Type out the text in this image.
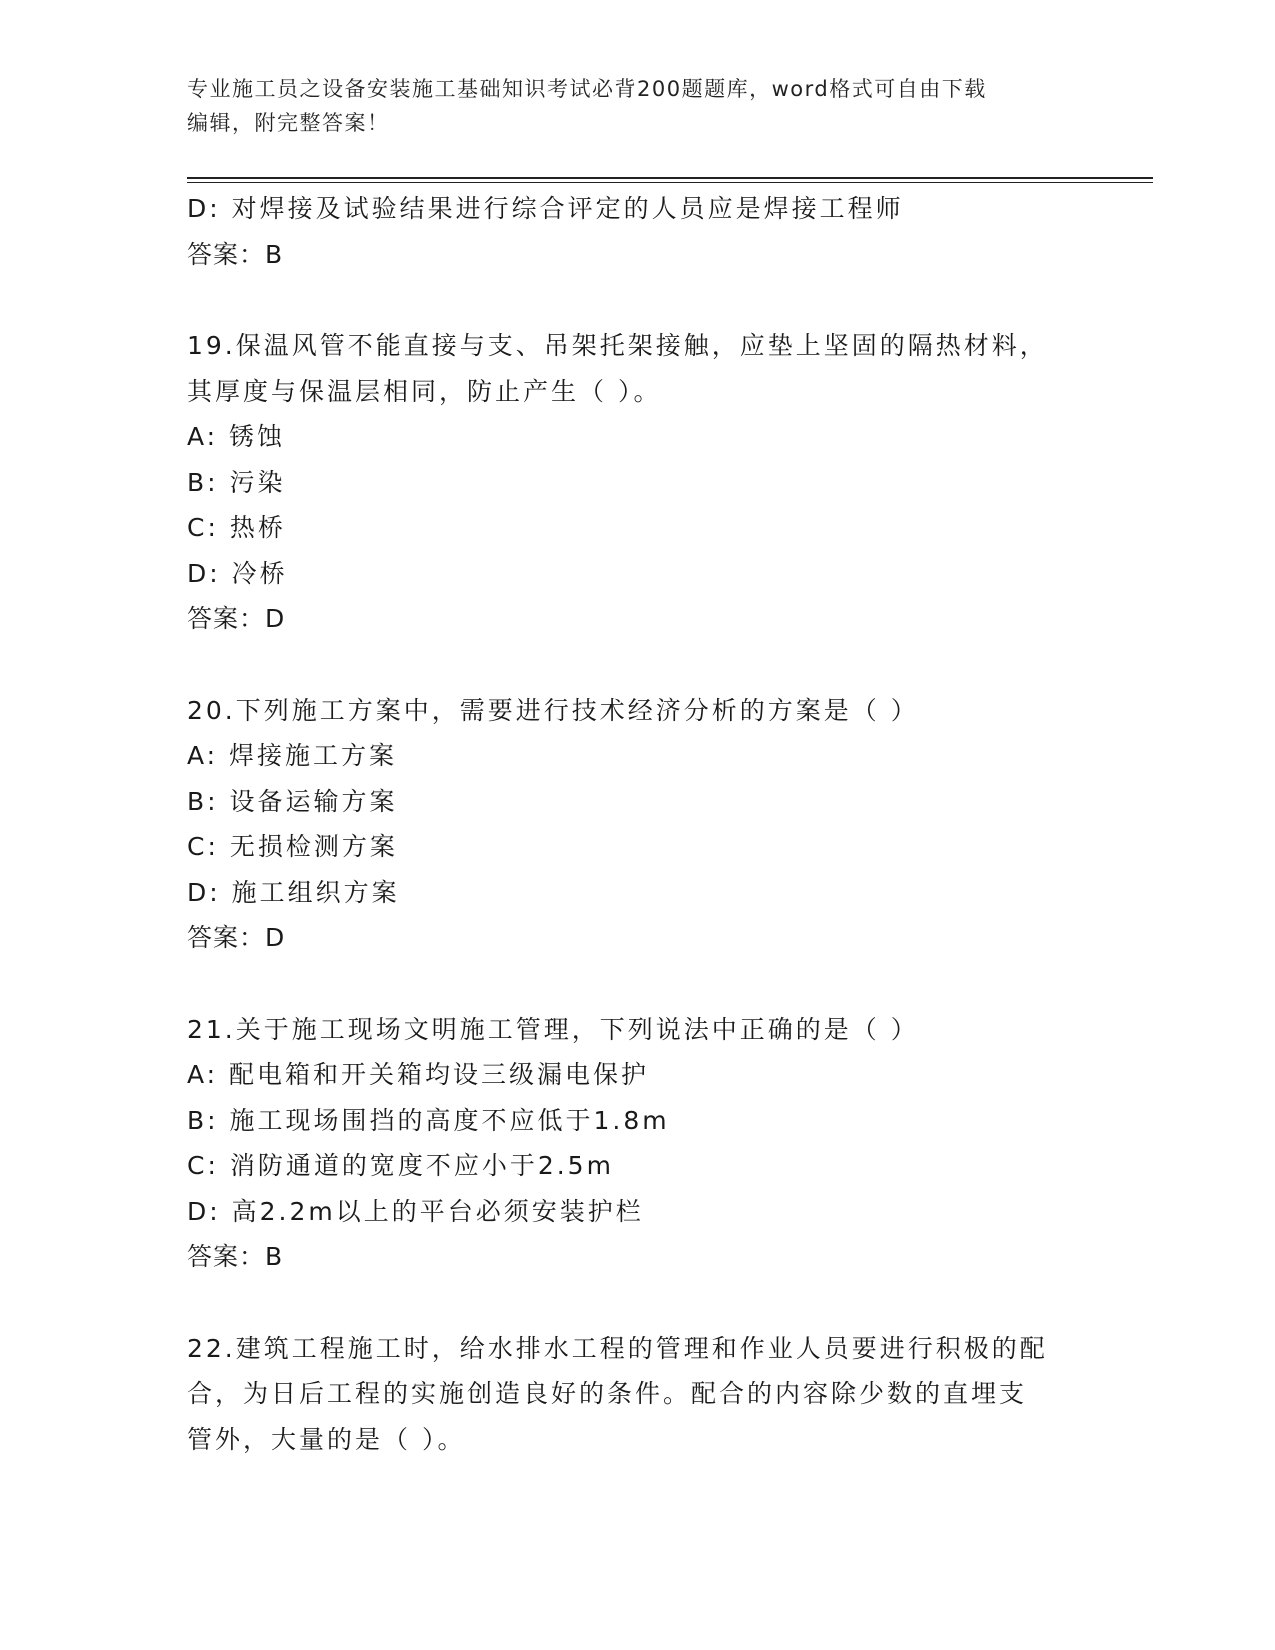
专业施工员之设备安装施工基础知识考试必背200题题库，word格式可自由下载
编辑，附完整答案！
D: 对焊接及试验结果进行综合评定的人员应是焊接工程师
答案：B
19.保温风管不能直接与支、吊架托架接触，应垫上坚固的隔热材料，
其厚度与保温层相同，防止产生（ ）。
A: 锈蚀
B: 污染
C: 热桥
D: 冷桥
答案：D
20.下列施工方案中，需要进行技术经济分析的方案是（ ）
A: 焊接施工方案
B: 设备运输方案
C: 无损检测方案
D: 施工组织方案
答案：D
21.关于施工现场文明施工管理，下列说法中正确的是（ ）
A: 配电箱和开关箱均设三级漏电保护
B: 施工现场围挡的高度不应低于1.8m
C: 消防通道的宽度不应小于2.5m
D: 高2.2m以上的平台必须安装护栏
答案：B
22.建筑工程施工时，给水排水工程的管理和作业人员要进行积极的配
合，为日后工程的实施创造良好的条件。配合的内容除少数的直埋支
管外，大量的是（ ）。
